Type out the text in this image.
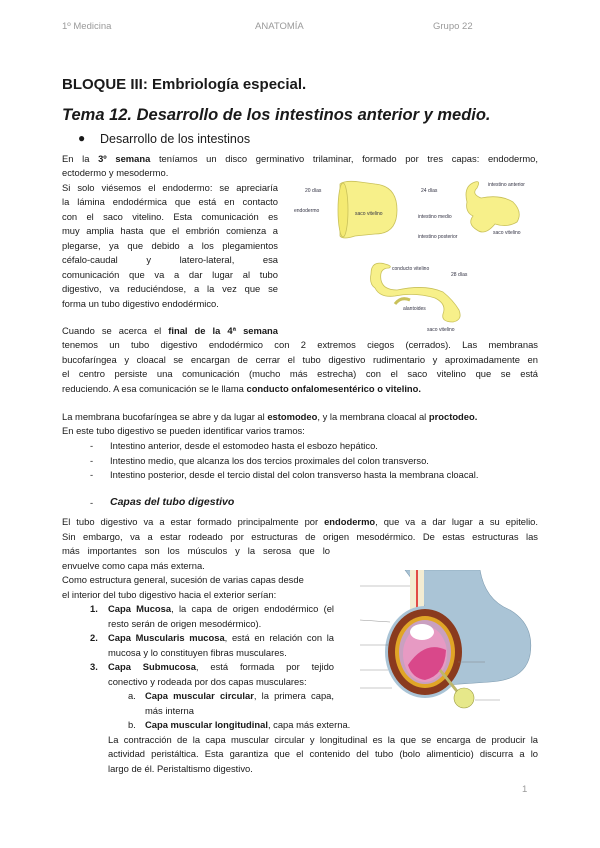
1º Medicina	ANATOMÍA	Grupo 22
BLOQUE III: Embriología especial.
Tema 12. Desarrollo de los intestinos anterior y medio.
● Desarrollo de los intestinos
En la 3º semana teníamos un disco germinativo trilaminar, formado por tres capas: endodermo,
ectodermo y mesodermo.
Si solo viésemos el endodermo: se apreciaría
la lámina endodérmica que está en contacto
con el saco vitelino. Esta comunicación es
muy amplia hasta que el embrión comienza a
plegarse, ya que debido a los plegamientos
céfalo-caudal y latero-lateral, esa
comunicación que va a dar lugar al tubo
digestivo, va reduciéndose, a la vez que se
forma un tubo digestivo endodérmico.
Cuando se acerca el final de la 4ª semana
tenemos un tubo digestivo endodérmico con 2 extremos ciegos (cerrados). Las membranas
bucofaríngea y cloacal se encargan de cerrar el tubo digestivo rudimentario y aproximadamente en
el centro persiste una comunicación (mucho más estrecha) con el saco vitelino que se está
reduciendo. A esa comunicación se le llama conducto onfalomesentérico o vitelino.
La membrana bucofaríngea se abre y da lugar al estomodeo, y la membrana cloacal al proctodeo.
En este tubo digestivo se pueden identificar varios tramos:
- Intestino anterior, desde el estomodeo hasta el esbozo hepático.
- Intestino medio, que alcanza los dos tercios proximales del colon transverso.
- Intestino posterior, desde el tercio distal del colon transverso hasta la membrana cloacal.
20 días
endodermo	saco vitelino
24 días
intestino anterior
intestino medio
intestino posterior
saco vitelino
conducto vitelino
28 días
alantoides
saco vitelino
- Capas del tubo digestivo
El tubo digestivo va a estar formado principalmente por endodermo, que va a dar lugar a su epitelio.
Sin embargo, va a estar rodeado por estructuras de origen mesodérmico. De estas estructuras las
más importantes son los músculos y la serosa que lo
envuelve como capa más externa.
Como estructura general, sucesión de varias capas desde
el interior del tubo digestivo hacia el exterior serían:
1. Capa Mucosa, la capa de origen endodérmico (el
resto serán de origen mesodérmico).
2. Capa Muscularis mucosa, está en relación con la
mucosa y lo constituyen fibras musculares.
3. Capa Submucosa, está formada por tejido
conectivo y rodeada por dos capas musculares:
a. Capa muscular circular, la primera capa,
más interna
b. Capa muscular longitudinal, capa más externa.
La contracción de la capa muscular circular y longitudinal es la que se encarga de producir la
actividad peristáltica. Esta garantiza que el contenido del tubo (bolo alimenticio) discurra a lo
largo de él. Peristaltismo digestivo.
1
